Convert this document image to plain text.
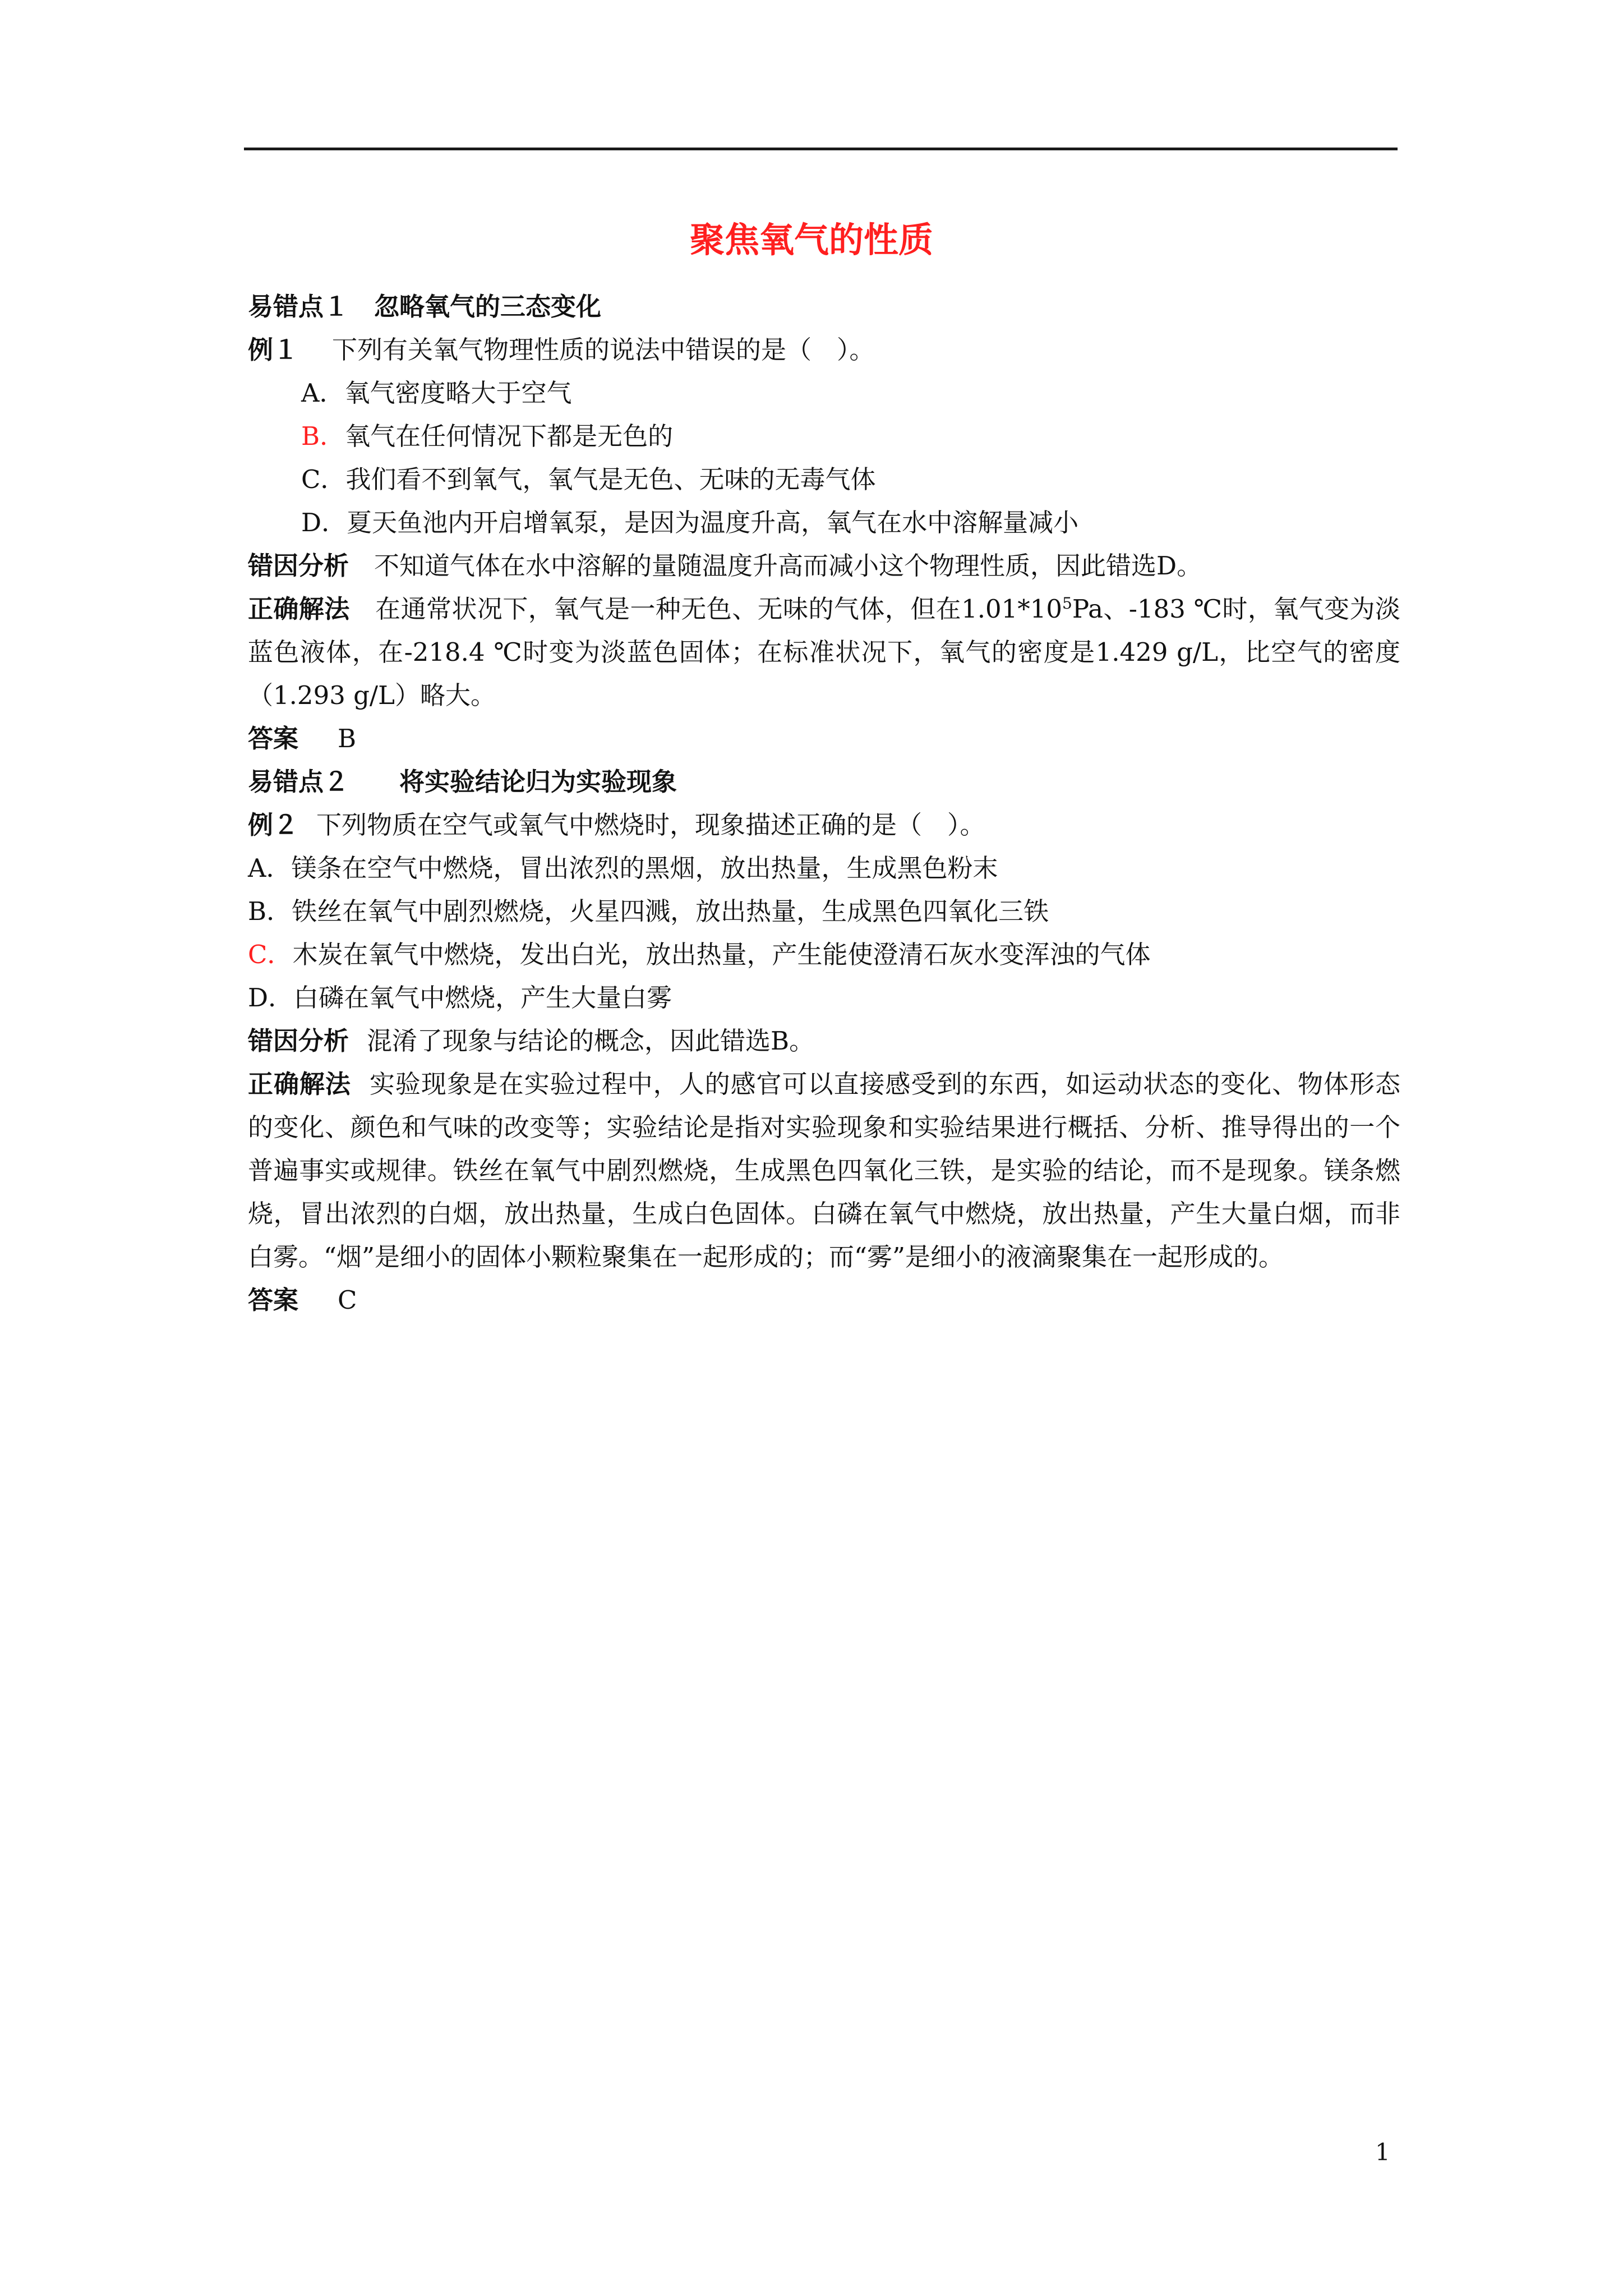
聚焦氧气的性质
易错点１ 忽略氧气的三态变化
例１ 下列有关氧气物理性质的说法中错误的是（　）。
A．氧气密度略大于空气
B．氧气在任何情况下都是无色的
C．我们看不到氧气，氧气是无色、无味的无毒气体
D．夏天鱼池内开启增氧泵，是因为温度升高，氧气在水中溶解量减小
错因分析 不知道气体在水中溶解的量随温度升高而减小这个物理性质，因此错选D。
正确解法 在通常状况下，氧气是一种无色、无味的气体，但在$1.01*10^5Pa$、-183 ℃时，氧气变为淡蓝色液体，在-218.4 ℃时变为淡蓝色固体；在标准状况下，氧气的密度是1.429 g/L，比空气的密度（1.293 g/L）略大。
答案 B
易错点２ 将实验结论归为实验现象
例２ 下列物质在空气或氧气中燃烧时，现象描述正确的是（　）。
A．镁条在空气中燃烧，冒出浓烈的黑烟，放出热量，生成黑色粉末
B．铁丝在氧气中剧烈燃烧，火星四溅，放出热量，生成黑色四氧化三铁
C．木炭在氧气中燃烧，发出白光，放出热量，产生能使澄清石灰水变浑浊的气体
D．白磷在氧气中燃烧，产生大量白雾
错因分析 混淆了现象与结论的概念，因此错选B。
正确解法 实验现象是在实验过程中，人的感官可以直接感受到的东西，如运动状态的变化、物体形态的变化、颜色和气味的改变等；实验结论是指对实验现象和实验结果进行概括、分析、推导得出的一个普遍事实或规律。铁丝在氧气中剧烈燃烧，生成黑色四氧化三铁，是实验的结论，而不是现象。镁条燃烧，冒出浓烈的白烟，放出热量，生成白色固体。白磷在氧气中燃烧，放出热量，产生大量白烟，而非白雾。“烟”是细小的固体小颗粒聚集在一起形成的；而“雾”是细小的液滴聚集在一起形成的。
答案 C
1
